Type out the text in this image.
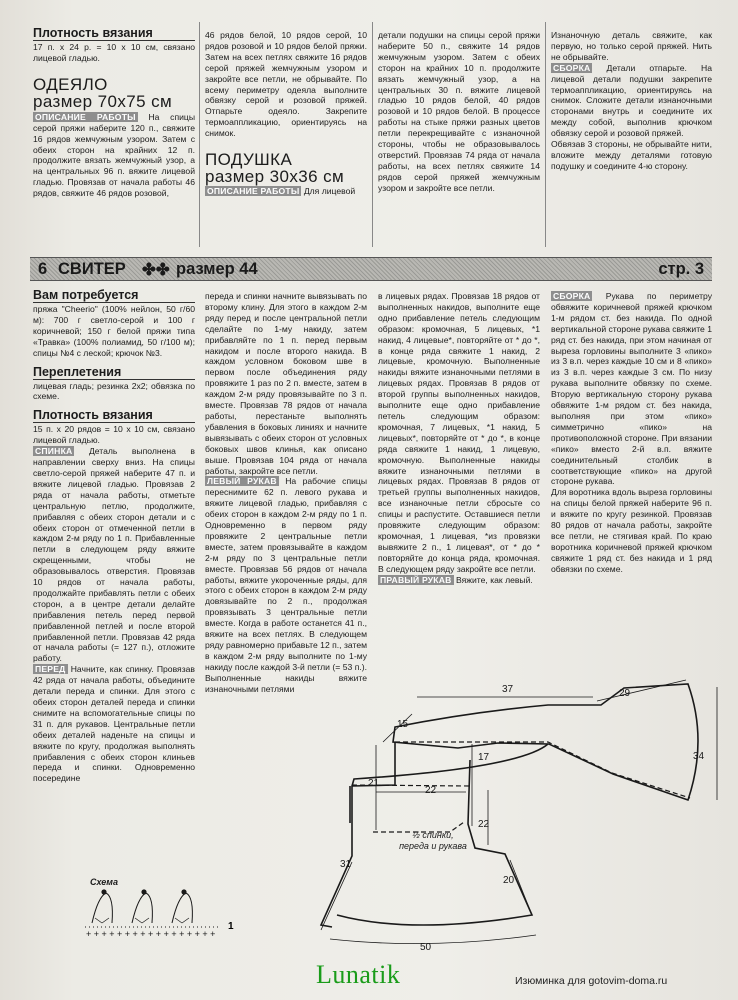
Плотность вязания

17 п. x 24 р. = 10 x 10 см, связано лицевой гладью.

ОДЕЯЛО
размер 70x75 см

ОПИСАНИЕ РАБОТЫ На спицы серой пряжи наберите 120 п., свяжите 16 рядов жемчужным узором. Затем с обеих сторон на крайних 12 п. продолжите вязать жемчужный узор, а на центральных 96 п. вяжите лицевой гладью. Провязав от начала работы 46 рядов, свяжите 46 рядов розовой,

46 рядов белой, 10 рядов серой, 10 рядов розовой и 10 рядов белой пряжи. Затем на всех петлях свяжите 16 рядов серой пряжей жемчужным узором и закройте все петли, не обрывайте. По всему периметру одеяла выполните обвязку серой и розовой пряжей. Отпарьте одеяло. Закрепите термоаппликацию, ориентируясь на снимок.

ПОДУШКА
размер 30x36 см

ОПИСАНИЕ РАБОТЫ Для лицевой

детали подушки на спицы серой пряжи наберите 50 п., свяжите 14 рядов жемчужным узором. Затем с обеих сторон на крайних 10 п. продолжите вязать жемчужный узор, а на центральных 30 п. вяжите лицевой гладью 10 рядов белой, 40 рядов розовой и 10 рядов белой. В процессе работы на стыке пряжи разных цветов петли перекрещивайте с изнаночной стороны, чтобы не образовывалось отверстий. Провязав 74 ряда от начала работы, на всех петлях свяжите 14 рядов серой пряжей жемчужным узором и закройте все петли.

Изнаночную деталь свяжите, как первую, но только серой пряжей. Нить не обрывайте.

СБОРКА Детали отпарьте. На лицевой детали подушки закрепите термоаппликацию, ориентируясь на снимок. Сложите детали изнаночными сторонами внутрь и соедините их между собой, выполнив крючком обвязку серой и розовой пряжей.

Обвязав 3 стороны, не обрывайте нити, вложите между деталями готовую подушку и соедините 4-ю сторону.

6 СВИТЕР ✤✤ размер 44	стр. 3
Вам потребуется

пряжа "Cheerio" (100% нейлон, 50 г/60 м): 700 г светло-серой и 100 г коричневой; 150 г белой пряжи типа «Травка» (100% полиамид, 50 г/100 м); спицы №4 с леской; крючок №3.

Переплетения

лицевая гладь; резинка 2x2; обвязка по схеме.

Плотность вязания

15 п. x 20 рядов = 10 x 10 см, связано лицевой гладью.

СПИНКА Деталь выполнена в направлении сверху вниз. На спицы светло-серой пряжей наберите 47 п. и вяжите лицевой гладью. Провязав 2 ряда от начала работы, отметьте центральную петлю, продолжите, прибавляя с обеих сторон детали и с обеих сторон от отмеченной петли в каждом 2-м ряду по 1 п. Прибавленные петли в следующем ряду вяжите скрещенными, чтобы не образовывалось отверстия. Провязав 10 рядов от начала работы, продолжайте прибавлять петли с обеих сторон, а в центре детали делайте прибавления петель перед первой прибавленной петлей и после второй прибавленной петли. Провязав 42 ряда от начала работы (= 127 п.), отложите работу.

ПЕРЕД Начните, как спинку. Провязав 42 ряда от начала работы, объедините детали переда и спинки. Для этого с обеих сторон деталей переда и спинки снимите на вспомогательные спицы по 31 п. для рукавов. Центральные петли обеих деталей наденьте на спицы и вяжите по кругу, продолжая выполнять прибавления с обеих сторон клиньев переда и спинки. Одновременно посередине

переда и спинки начните вывязывать по второму клину. Для этого в каждом 2-м ряду перед и после центральной петли сделайте по 1-му накиду, затем прибавляйте по 1 п. перед первым накидом и после второго накида. В каждом условном боковом шве в первом после объединения ряду провяжите 1 раз по 2 п. вместе, затем в каждом 2-м ряду провязывайте по 3 п. вместе. Провязав 78 рядов от начала работы, перестаньте выполнять убавления в боковых линиях и начните вывязывать с обеих сторон от условных боковых швов клинья, как описано выше. Провязав 104 ряда от начала работы, закройте все петли.

ЛЕВЫЙ РУКАВ На рабочие спицы переснимите 62 п. левого рукава и вяжите лицевой гладью, прибавляя с обеих сторон в каждом 2-м ряду по 1 п. Одновременно в первом ряду провяжите 2 центральные петли вместе, затем провязывайте в каждом 2-м ряду по 3 центральные петли вместе. Провязав 56 рядов от начала работы, вяжите укороченные ряды, для этого с обеих сторон в каждом 2-м ряду довязывайте по 2 п., продолжая провязывать 3 центральные петли вместе. Когда в работе останется 41 п., вяжите на всех петлях. В следующем ряду равномерно прибавьте 12 п., затем в каждом 2-м ряду выполните по 1-му накиду после каждой 3-й петли (= 53 п.). Выполненные накиды вяжите изнаночными петлями

в лицевых рядах. Провязав 18 рядов от выполненных накидов, выполните еще одно прибавление петель следующим образом: кромочная, 5 лицевых, *1 накид, 4 лицевые*, повторяйте от * до *, в конце ряда свяжите 1 накид, 2 лицевые, кромочную. Выполненные накиды вяжите изнаночными петлями в лицевых рядах. Провязав 8 рядов от второй группы выполненных накидов, выполните еще одно прибавление петель следующим образом: кромочная, 7 лицевых, *1 накид, 5 лицевых*, повторяйте от * до *, в конце ряда свяжите 1 накид, 1 лицевую, кромочную. Выполненные накиды вяжите изнаночными петлями в лицевых рядах. Провязав 8 рядов от третьей группы выполненных накидов, все изнаночные петли сбросьте со спицы и распустите. Оставшиеся петли провяжите следующим образом: кромочная, 1 лицевая, *из провязки вывяжите 2 п., 1 лицевая*, от * до * повторяйте до конца ряда, кромочная. В следующем ряду закройте все петли.

ПРАВЫЙ РУКАВ Вяжите, как левый.

СБОРКА Рукава по периметру обвяжите коричневой пряжей крючком 1-м рядом ст. без накида. По одной вертикальной стороне рукава свяжите 1 ряд ст. без накида, при этом начиная от выреза горловины выполните 3 «пико» из 3 в.п. через каждые 10 см и 8 «пико» из 3 в.п. через каждые 3 см. По низу рукава выполните обвязку по схеме. Вторую вертикальную сторону рукава обвяжите 1-м рядом ст. без накида, выполняя при этом «пико» симметрично «пико» на противоположной стороне. При вязании «пико» вместо 2-й в.п. вяжите соединительный столбик в соответствующие «пико» на другой стороне рукава.

Для воротника вдоль выреза горловины на спицы белой пряжей наберите 96 п. и вяжите по кругу резинкой. Провязав 80 рядов от начала работы, закройте все петли, не стягивая край. По краю воротника коричневой пряжей крючком свяжите 1 ряд ст. без накида и 1 ряд обвязки по схеме.

15
37	29
34
21
17
22
22
31
20
50
½ спинки, переда и рукава
Схема
+ + + + + + + + + + + + + + + + +
1
Lunatik	Изюминка для gotovim-doma.ru
